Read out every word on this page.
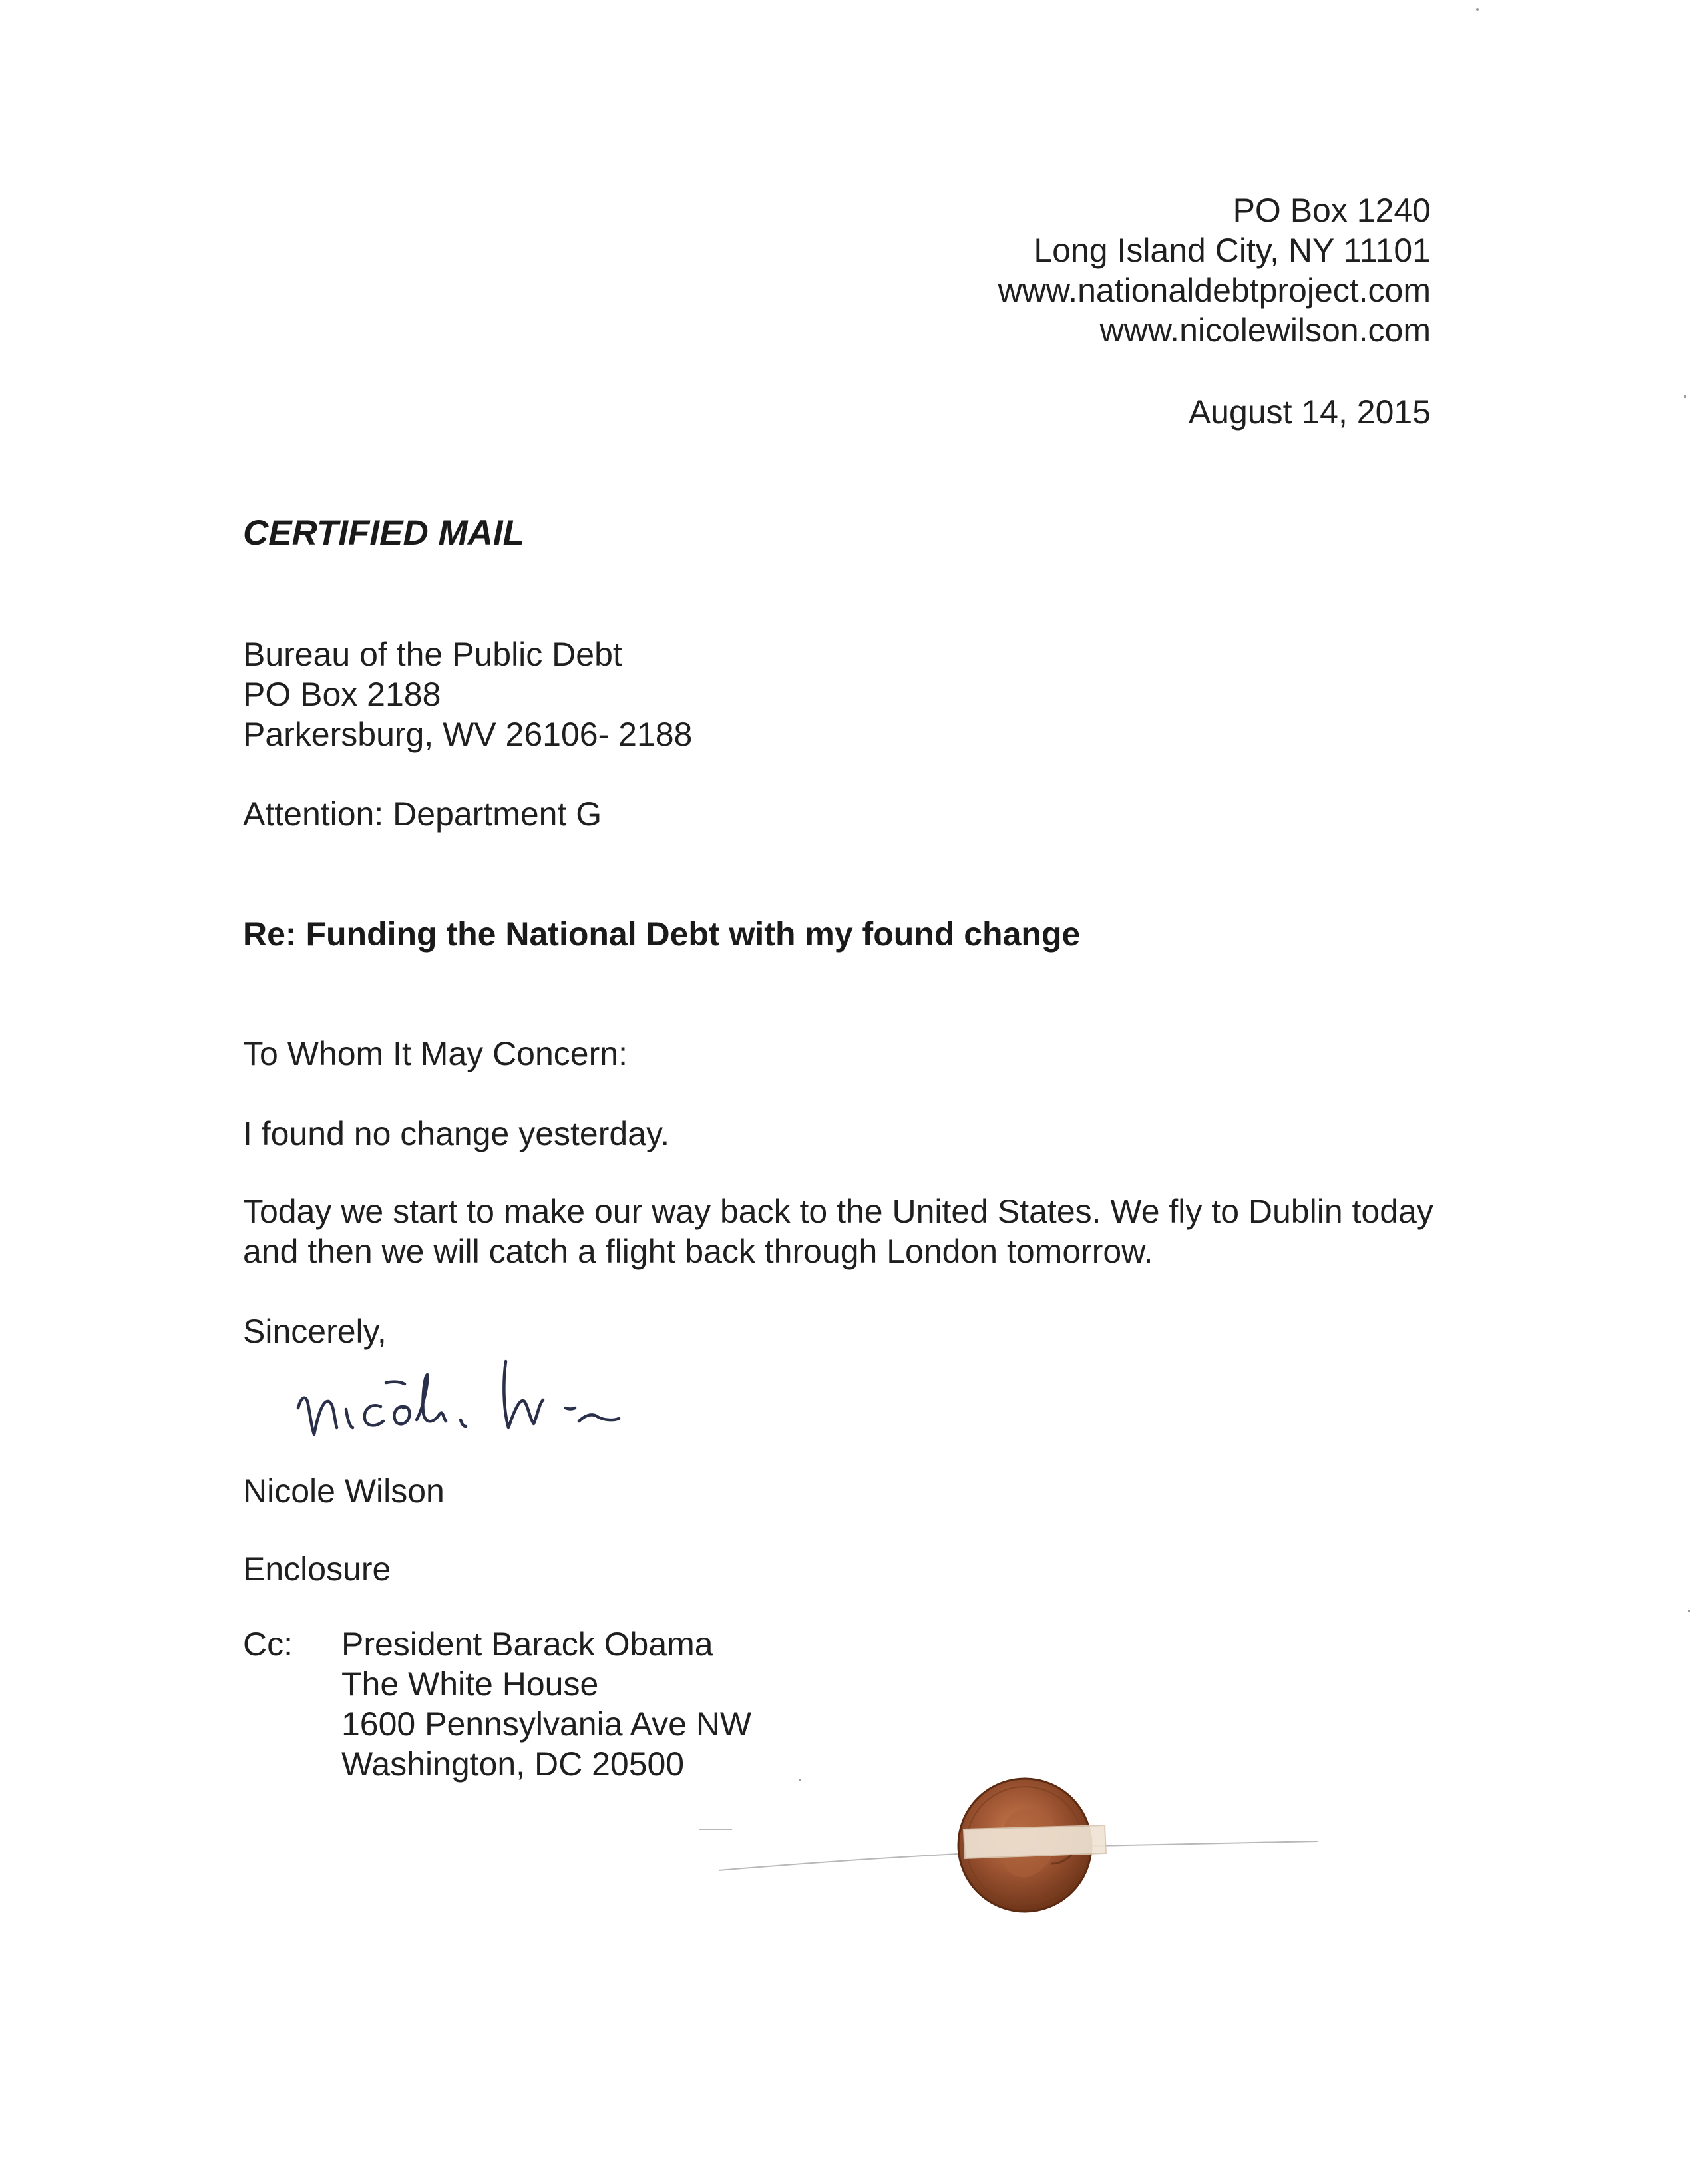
PO Box 1240
Long Island City, NY 11101
www.nationaldebtproject.com
www.nicolewilson.com
August 14, 2015
CERTIFIED MAIL
Bureau of the Public Debt
PO Box 2188
Parkersburg, WV 26106- 2188
Attention: Department G
Re: Funding the National Debt with my found change
To Whom It May Concern:
I found no change yesterday.
Today we start to make our way back to the United States. We fly to Dublin today
and then we will catch a flight back through London tomorrow.
Sincerely,
Nicole Wilson
Enclosure
Cc: President Barack Obama
The White House
1600 Pennsylvania Ave NW
Washington, DC 20500
